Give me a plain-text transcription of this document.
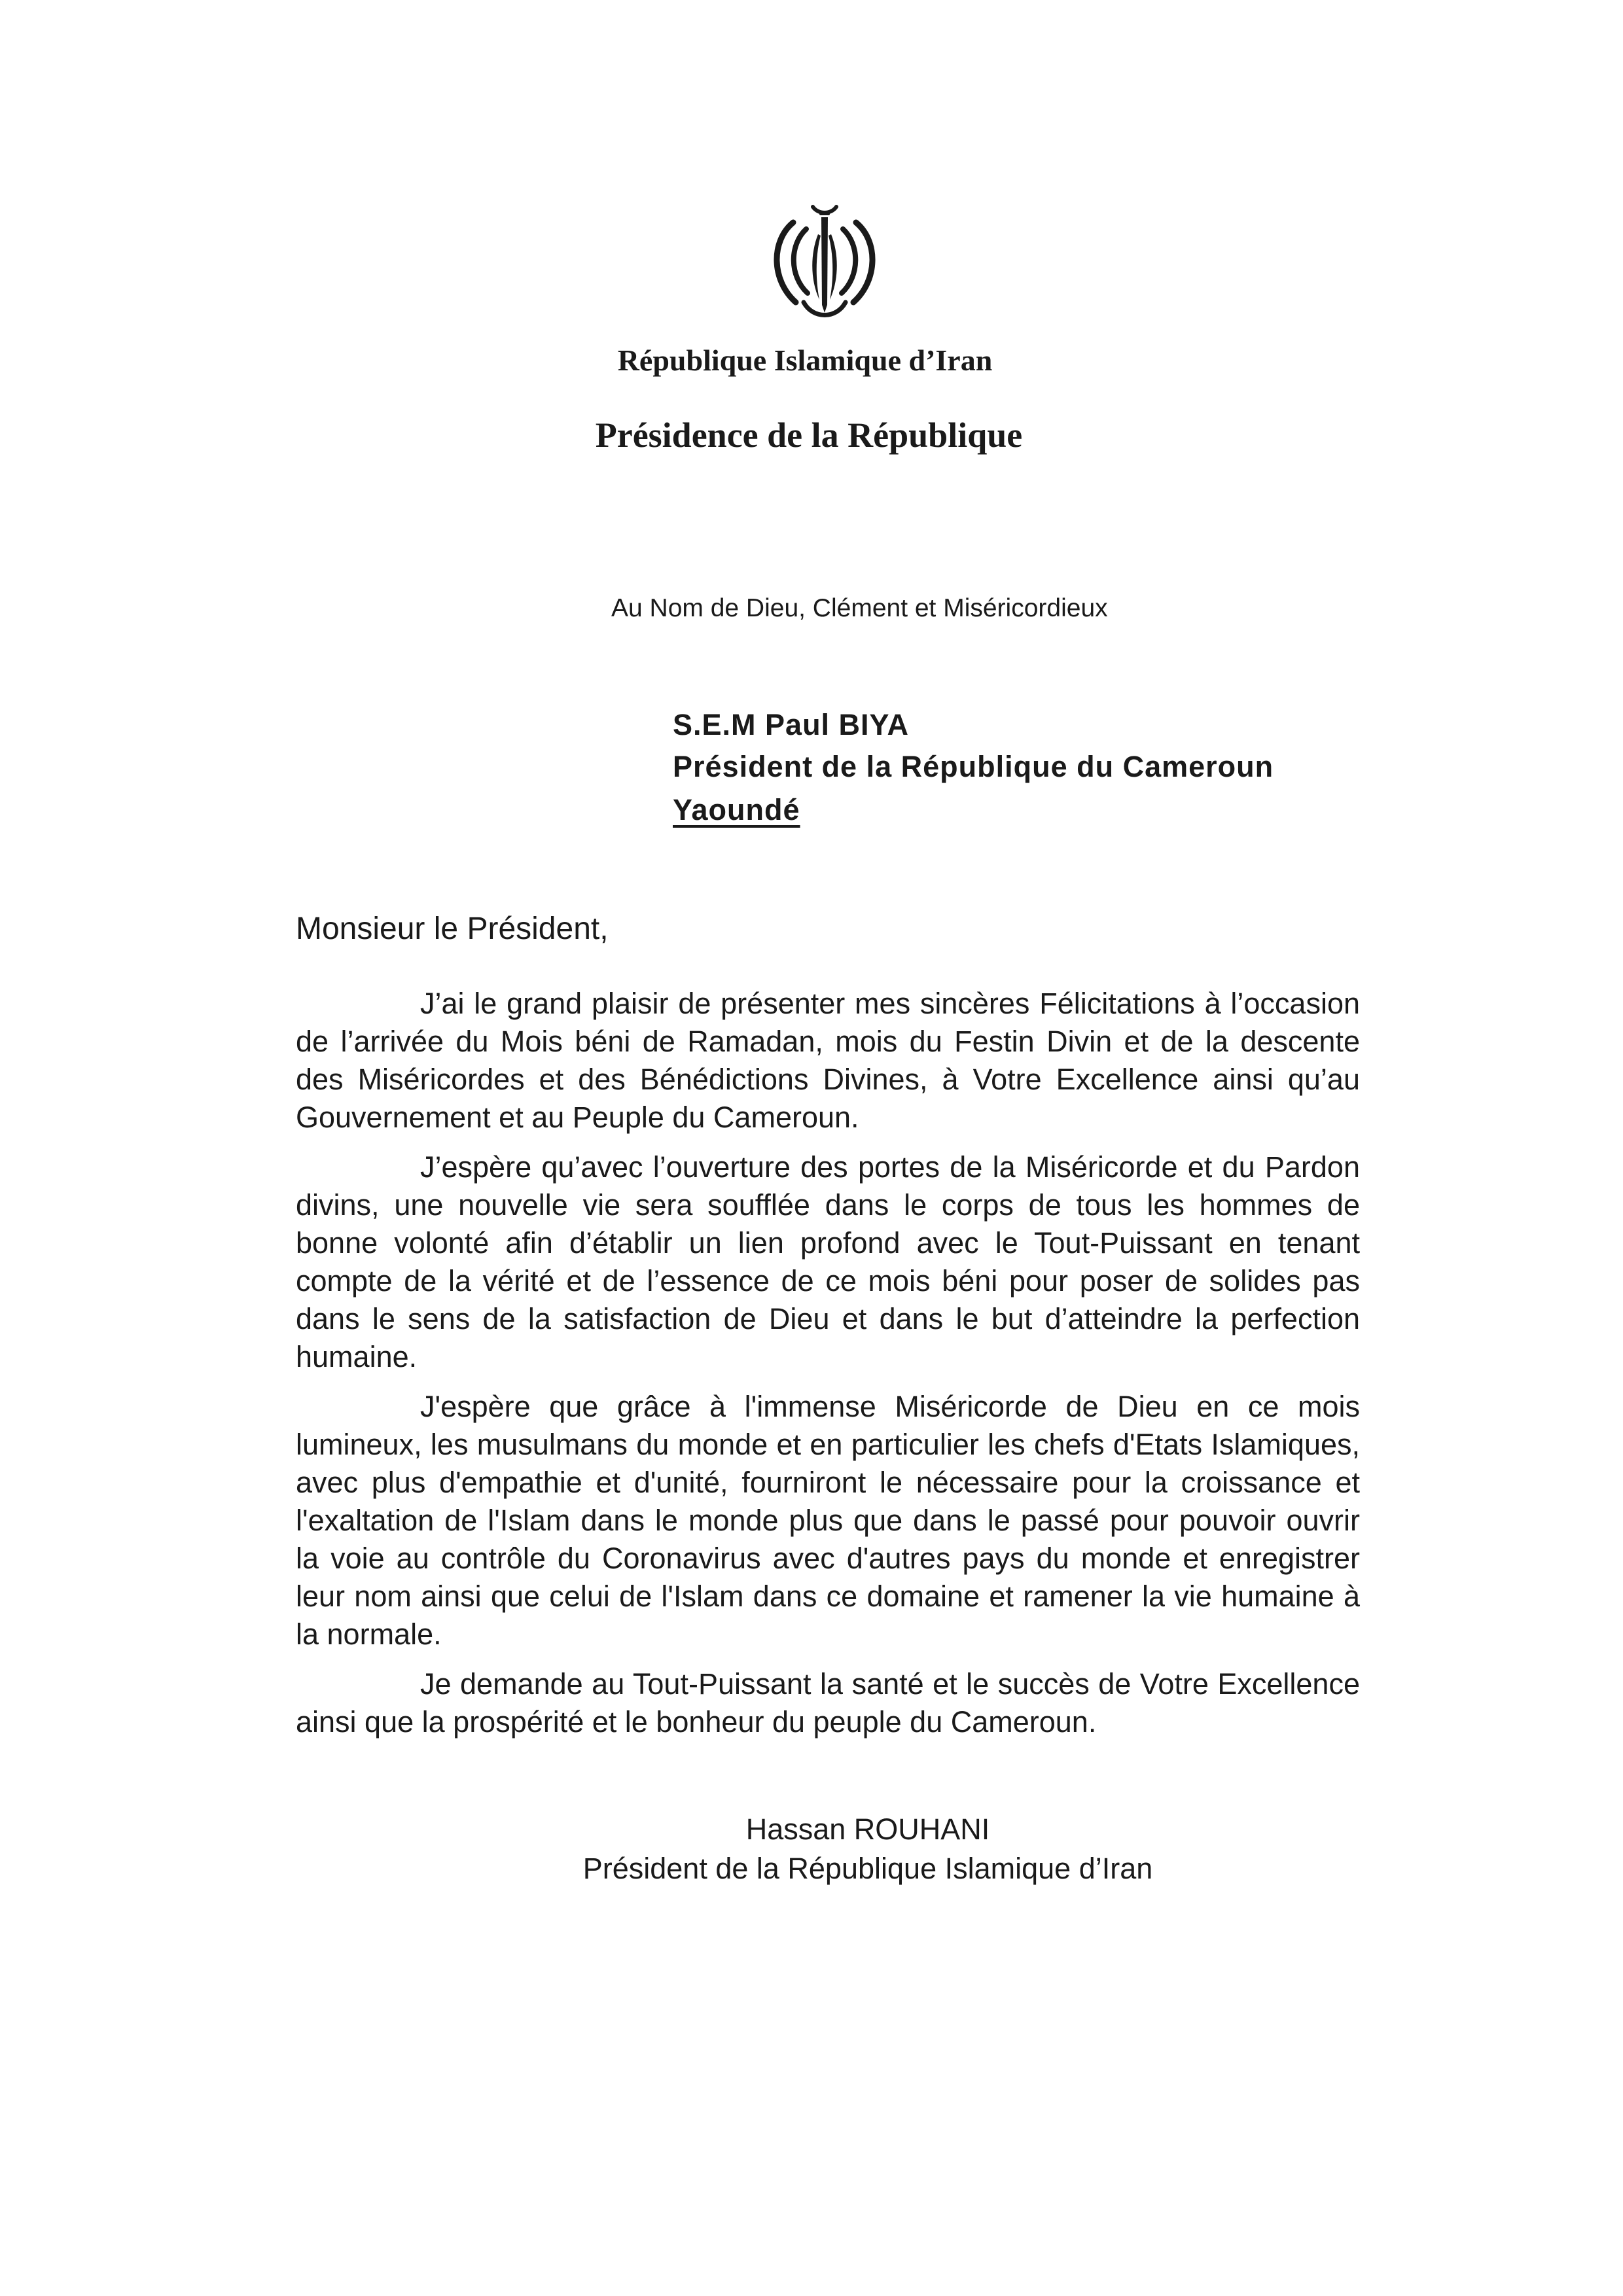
République Islamique d’Iran
Présidence de la République
Au Nom de Dieu, Clément et Miséricordieux
S.E.M Paul BIYA
Président de la République du Cameroun
Yaoundé
Monsieur le Président,

J’ai le grand plaisir de présenter mes sincères Félicitations à l’occasion de l’arrivée du Mois béni de Ramadan, mois du Festin Divin et de la descente des Miséricordes et des Bénédictions Divines, à Votre Excellence ainsi qu’au Gouvernement et au Peuple du Cameroun.

J’espère qu’avec l’ouverture des portes de la Miséricorde et du Pardon divins, une nouvelle vie sera soufflée dans le corps de tous les hommes de bonne volonté afin d’établir un lien profond avec le Tout-Puissant en tenant compte de la vérité et de l’essence de ce mois béni pour poser de solides pas dans le sens de la satisfaction de Dieu et dans le but d’atteindre la perfection humaine.

J'espère que grâce à l'immense Miséricorde de Dieu en ce mois lumineux, les musulmans du monde et en particulier les chefs d'Etats Islamiques, avec plus d'empathie et d'unité, fourniront le nécessaire pour la croissance et l'exaltation de l'Islam dans le monde plus que dans le passé pour pouvoir ouvrir la voie au contrôle du Coronavirus avec d'autres pays du monde et enregistrer leur nom ainsi que celui de l'Islam dans ce domaine et ramener la vie humaine à la normale.

Je demande au Tout-Puissant la santé et le succès de Votre Excellence ainsi que la prospérité et le bonheur du peuple du Cameroun.

Hassan ROUHANI
Président de la République Islamique d’Iran
